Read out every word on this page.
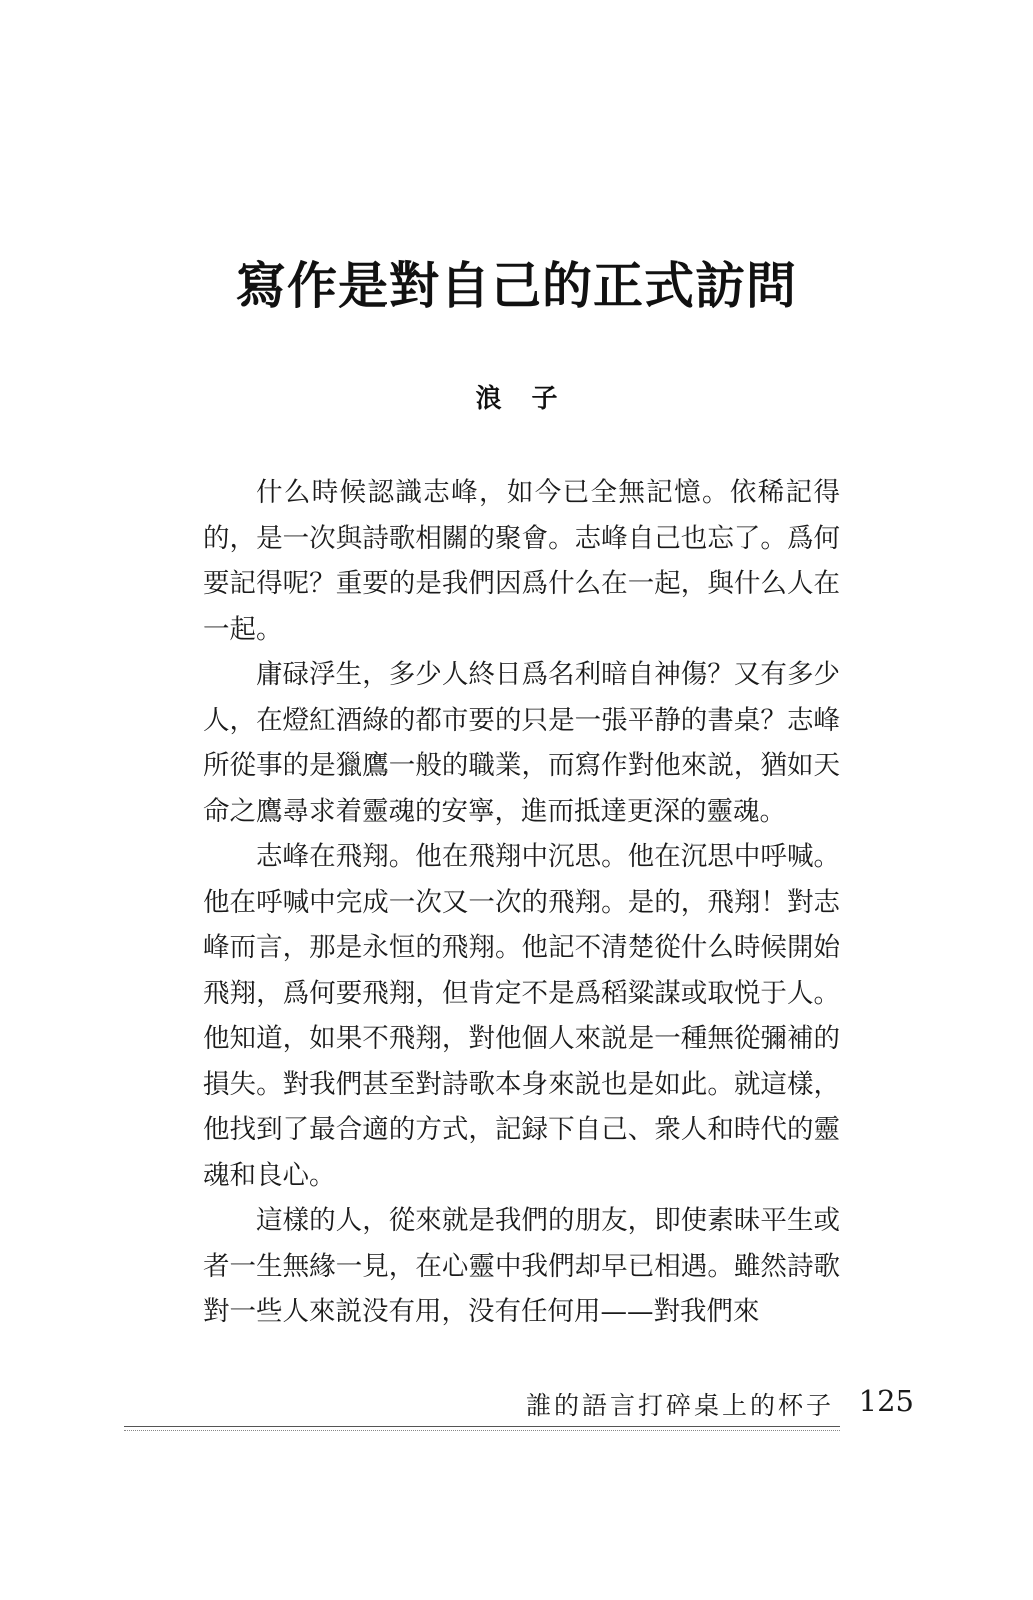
寫作是對自己的正式訪問
浪子

什么時候認識志峰，如今已全無記憶。依稀記得的，是一次與詩歌相關的聚會。志峰自己也忘了。爲何要記得呢？重要的是我們因爲什么在一起，與什么人在一起。

庸碌浮生，多少人終日爲名利暗自神傷？又有多少人，在燈紅酒綠的都市要的只是一張平静的書桌？志峰所從事的是獵鷹一般的職業，而寫作對他來説，猶如天命之鷹尋求着靈魂的安寧，進而抵達更深的靈魂。

志峰在飛翔。他在飛翔中沉思。他在沉思中呼喊。他在呼喊中完成一次又一次的飛翔。是的，飛翔！對志峰而言，那是永恒的飛翔。他記不清楚從什么時候開始飛翔，爲何要飛翔，但肯定不是爲稻粱謀或取悦于人。他知道，如果不飛翔，對他個人來説是一種無從彌補的損失。對我們甚至對詩歌本身來説也是如此。就這樣，他找到了最合適的方式，記録下自己、衆人和時代的靈魂和良心。

這樣的人，從來就是我們的朋友，即使素昧平生或者一生無緣一見，在心靈中我們却早已相遇。雖然詩歌對一些人來説没有用，没有任何用——對我們來

誰的語言打碎桌上的杯子 125
